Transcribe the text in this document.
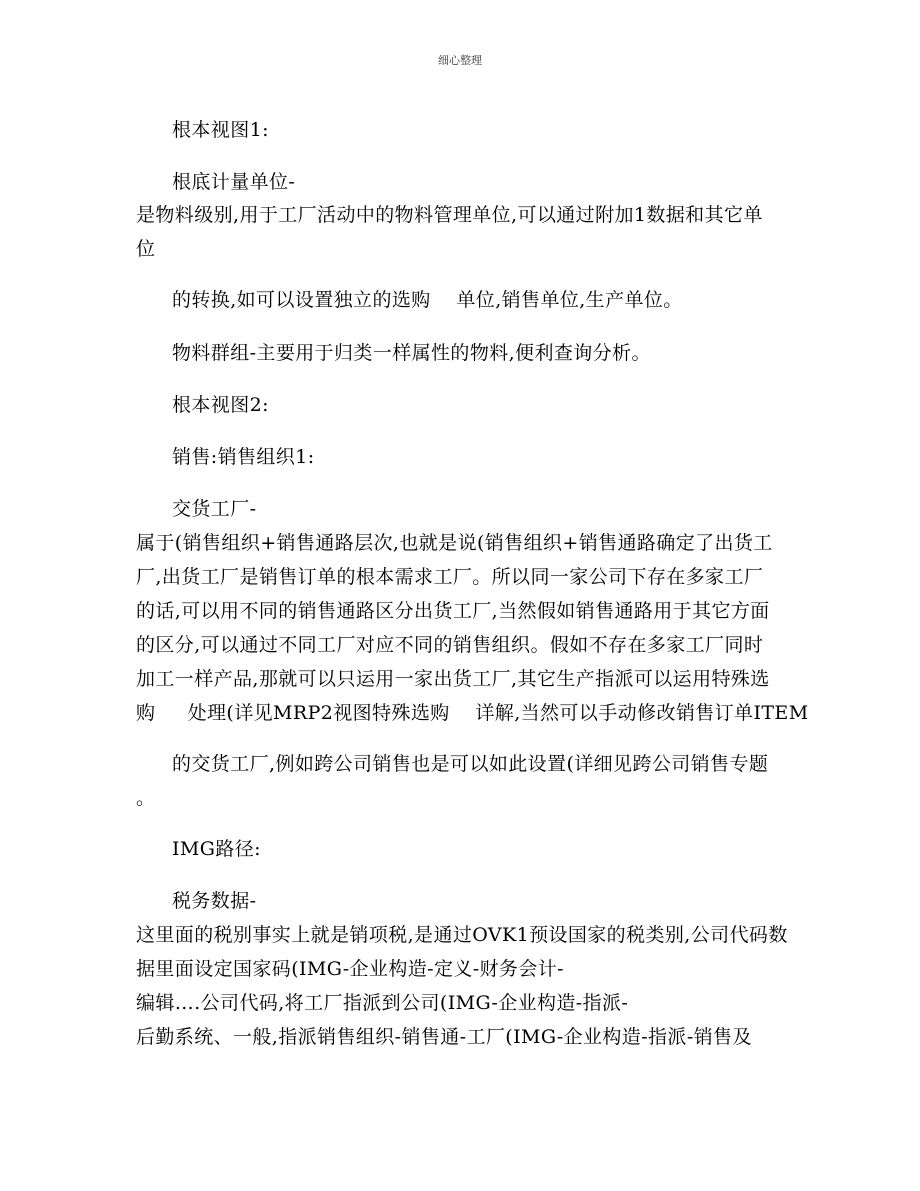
细心整理
根本视图1:
根底计量单位-
是物料级别,用于工厂活动中的物料管理单位,可以通过附加1数据和其它单
位
的转换,如可以设置独立的选购    单位,销售单位,生产单位。
物料群组-主要用于归类一样属性的物料,便利查询分析。
根本视图2:
销售:销售组织1:
交货工厂-
属于(销售组织+销售通路层次,也就是说(销售组织+销售通路确定了出货工
厂,出货工厂是销售订单的根本需求工厂。所以同一家公司下存在多家工厂
的话,可以用不同的销售通路区分出货工厂,当然假如销售通路用于其它方面
的区分,可以通过不同工厂对应不同的销售组织。假如不存在多家工厂同时
加工一样产品,那就可以只运用一家出货工厂,其它生产指派可以运用特殊选
购     处理(详见MRP2视图特殊选购    详解,当然可以手动修改销售订单ITEM
的交货工厂,例如跨公司销售也是可以如此设置(详细见跨公司销售专题
。
IMG路径:
税务数据-
这里面的税别事实上就是销项税,是通过OVK1预设国家的税类别,公司代码数
据里面设定国家码(IMG-企业构造-定义-财务会计-
编辑….公司代码,将工厂指派到公司(IMG-企业构造-指派-
后勤系统、一般,指派销售组织-销售通-工厂(IMG-企业构造-指派-销售及
